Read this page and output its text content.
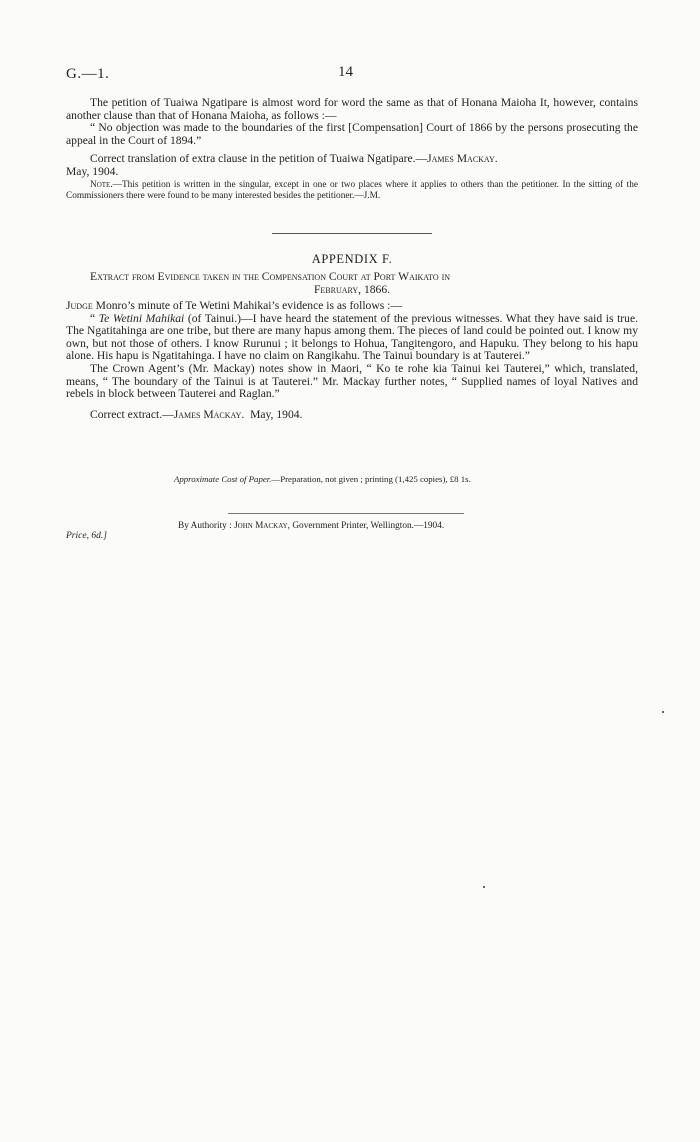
G.—1.	14

The petition of Tuaiwa Ngatipare is almost word for word the same as that of Honana Maioha It, however, contains another clause than that of Honana Maioha, as follows :—

“ No objection was made to the boundaries of the first [Compensation] Court of 1866 by the persons prosecuting the appeal in the Court of 1894.”

Correct translation of extra clause in the petition of Tuaiwa Ngatipare.—James Mackay.

May, 1904.

Note.—This petition is written in the singular, except in one or two places where it applies to others than the petitioner. In the sitting of the Commissioners there were found to be many interested besides the petitioner.—J.M.

APPENDIX F.
Extract from Evidence taken in the Compensation Court at Port Waikato in
February, 1866.

Judge Monro’s minute of Te Wetini Mahikai’s evidence is as follows :—

“ Te Wetini Mahikai (of Tainui.)—I have heard the statement of the previous witnesses. What they have said is true. The Ngatitahinga are one tribe, but there are many hapus among them. The pieces of land could be pointed out. I know my own, but not those of others. I know Rurunui ; it belongs to Hohua, Tangitengoro, and Hapuku. They belong to his hapu alone. His hapu is Ngatitahinga. I have no claim on Rangikahu. The Tainui boundary is at Tauterei.”

The Crown Agent’s (Mr. Mackay) notes show in Maori, “ Ko te rohe kia Tainui kei Tauterei,” which, translated, means, “ The boundary of the Tainui is at Tauterei.” Mr. Mackay further notes, “ Supplied names of loyal Natives and rebels in block between Tauterei and Raglan.”

Correct extract.—James Mackay. May, 1904.

Approximate Cost of Paper.—Preparation, not given ; printing (1,425 copies), £8 1s.
By Authority : John Mackay, Government Printer, Wellington.—1904.
Price, 6d.]
